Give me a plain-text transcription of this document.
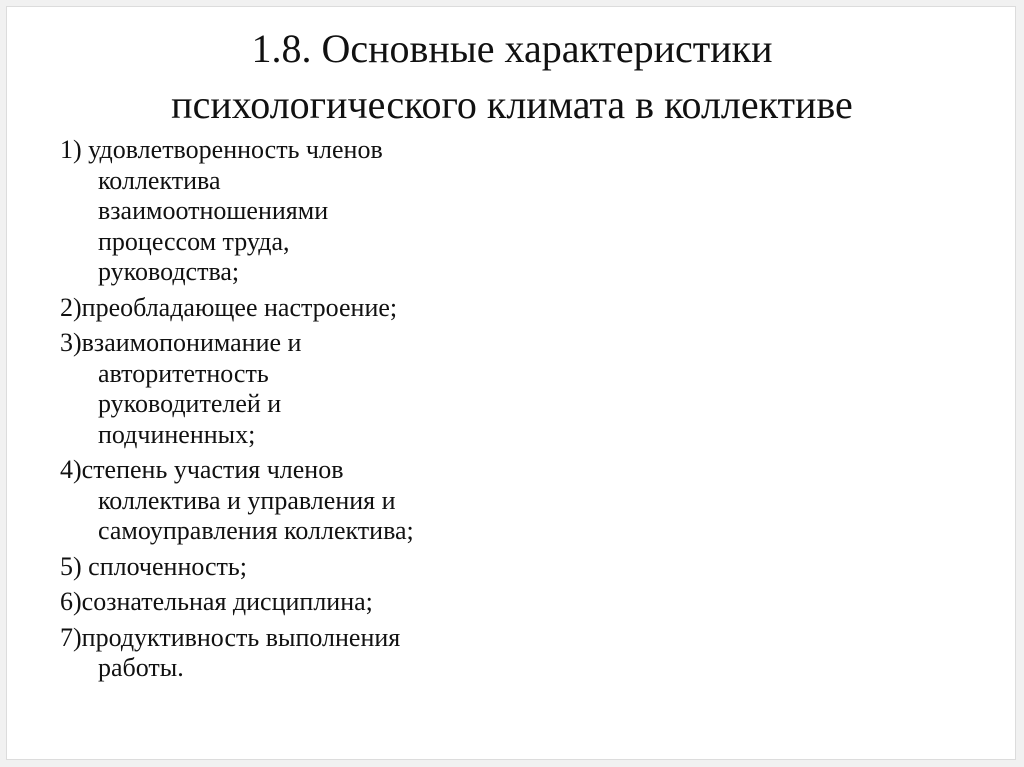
1.8. Основные характеристики
психологического климата в коллективе
1) удовлетворенность членов
коллектива
взаимоотношениями
процессом труда,
руководства;
2)преобладающее настроение;
3)взаимопонимание и
авторитетность
руководителей и
подчиненных;
4)степень участия членов
коллектива и управления и
самоуправления коллектива;
5) сплоченность;
6)сознательная дисциплина;
7)продуктивность выполнения
работы.
